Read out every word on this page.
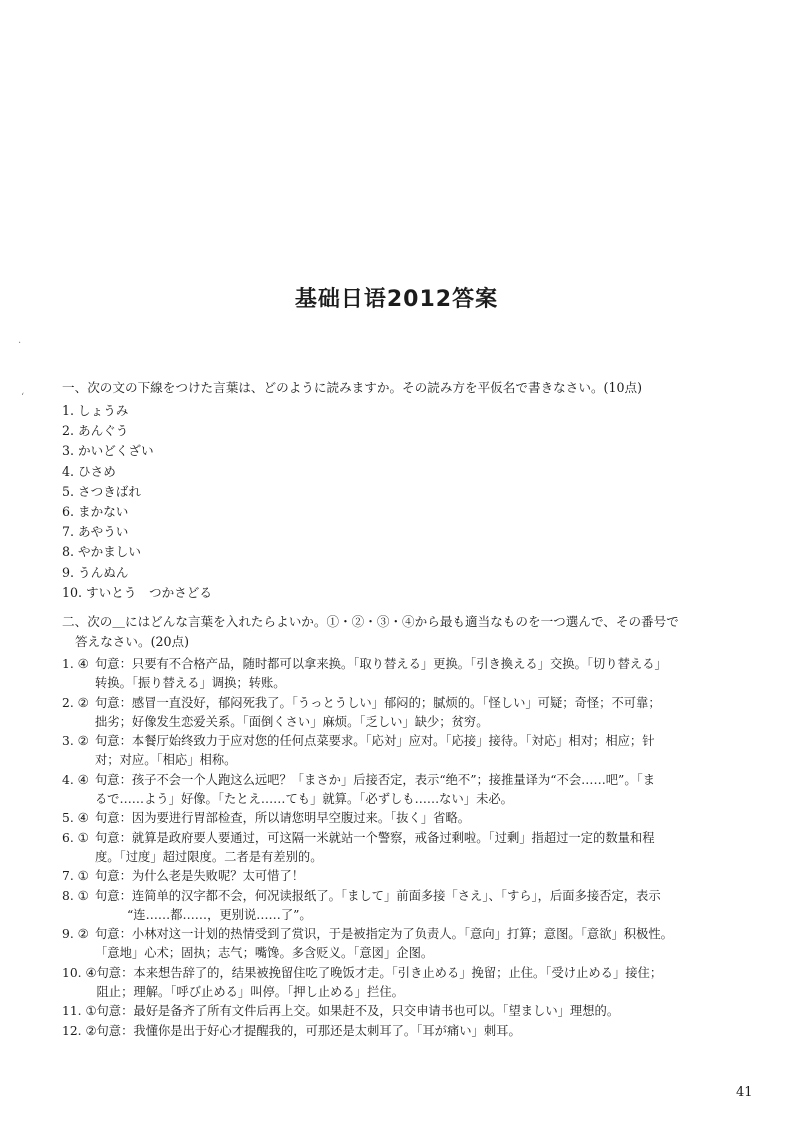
·
‘
基础日语2012答案
一、次の文の下線をつけた言葉は、どのように読みますか。その読み方を平仮名で書きなさい。(10点)
1. しょうみ
2. あんぐう
3. かいどくざい
4. ひさめ
5. さつきばれ
6. まかない
7. あやうい
8. やかましい
9. うんぬん
10. すいとう　つかさどる
二、次の＿にはどんな言葉を入れたらよいか。①・②・③・④から最も適当なものを一つ選んで、その番号で
答えなさい。(20点)
1. ④ 句意：只要有不合格产品，随时都可以拿来换。「取り替える」更换。「引き換える」交换。「切り替える」
转换。「振り替える」调换；转账。
2. ② 句意：感冒一直没好，郁闷死我了。「うっとうしい」郁闷的；腻烦的。「怪しい」可疑；奇怪；不可靠；
拙劣；好像发生恋爱关系。「面倒くさい」麻烦。「乏しい」缺少；贫穷。
3. ② 句意：本餐厅始终致力于应对您的任何点菜要求。「応対」应对。「応接」接待。「対応」相对；相应；针
对；对应。「相応」相称。
4. ④ 句意：孩子不会一个人跑这么远吧？「まさか」后接否定，表示“绝不”；接推量译为“不会……吧”。「ま
るで……よう」好像。「たとえ……ても」就算。「必ずしも……ない」未必。
5. ④ 句意：因为要进行胃部检查，所以请您明早空腹过来。「抜く」省略。
6. ① 句意：就算是政府要人要通过，可这隔一米就站一个警察，戒备过剩啦。「过剰」指超过一定的数量和程
度。「过度」超过限度。二者是有差别的。
7. ① 句意：为什么老是失败呢？太可惜了！
8. ① 句意：连简单的汉字都不会，何况读报纸了。「まして」前面多接「さえ」、「すら」，后面多接否定，表示
“连……都……，更别说……了”。
9. ② 句意：小林对这一计划的热情受到了赏识，于是被指定为了负责人。「意向」打算；意图。「意欲」积极性。
「意地」心术；固执；志气；嘴馋。多含贬义。「意図」企图。
10. ④ 句意：本来想告辞了的，结果被挽留住吃了晚饭才走。「引き止める」挽留；止住。「受け止める」接住；
阻止；理解。「呼び止める」叫停。「押し止める」拦住。
11. ① 句意：最好是备齐了所有文件后再上交。如果赶不及，只交申请书也可以。「望ましい」理想的。
12. ② 句意：我懂你是出于好心才提醒我的，可那还是太刺耳了。「耳が痛い」刺耳。
41
